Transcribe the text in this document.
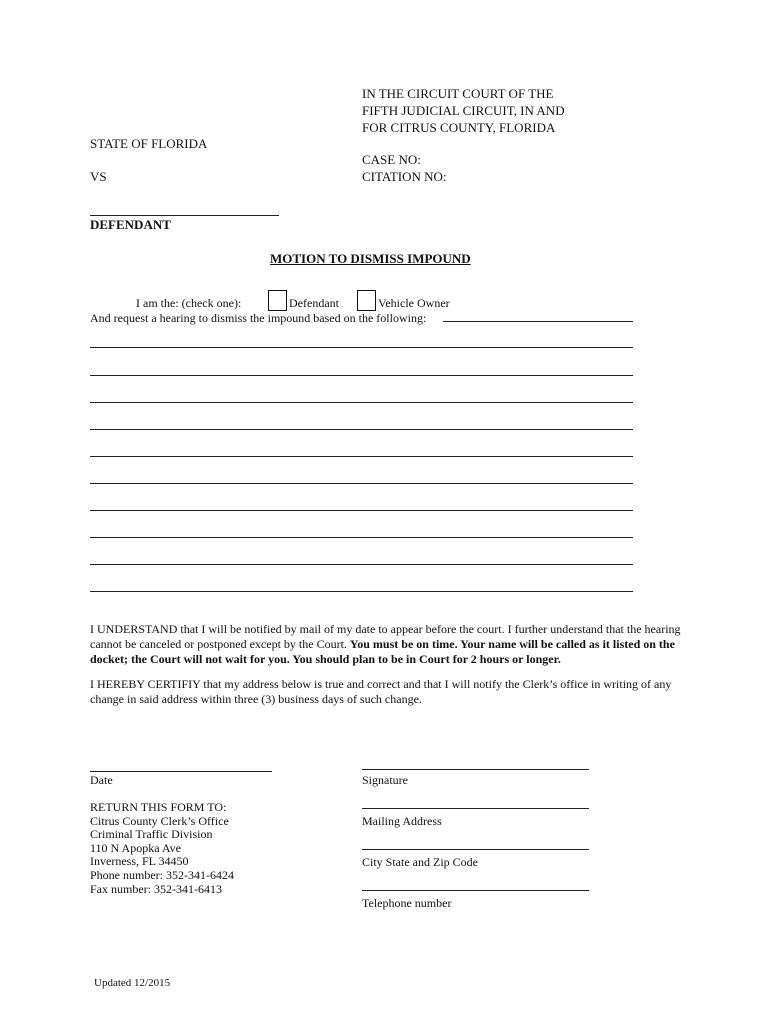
IN THE CIRCUIT COURT OF THE
FIFTH JUDICIAL CIRCUIT, IN AND
FOR CITRUS COUNTY, FLORIDA
STATE OF FLORIDA
VS
CASE NO:
CITATION NO:
DEFENDANT
MOTION TO DISMISS IMPOUND
I am the: (check one):	Defendant	Vehicle Owner
And request a hearing to dismiss the impound based on the following:
I UNDERSTAND that I will be notified by mail of my date to appear before the court. I further understand that the hearing cannot be canceled or postponed except by the Court. You must be on time. Your name will be called as it listed on the docket; the Court will not wait for you. You should plan to be in Court for 2 hours or longer.
I HEREBY CERTIFIY that my address below is true and correct and that I will notify the Clerk’s office in writing of any change in said address within three (3) business days of such change.
Date	Signature
Mailing Address
City State and Zip Code
Telephone number
RETURN THIS FORM TO:
Citrus County Clerk’s Office
Criminal Traffic Division
110 N Apopka Ave
Inverness, FL 34450
Phone number: 352-341-6424
Fax number: 352-341-6413
Updated 12/2015
